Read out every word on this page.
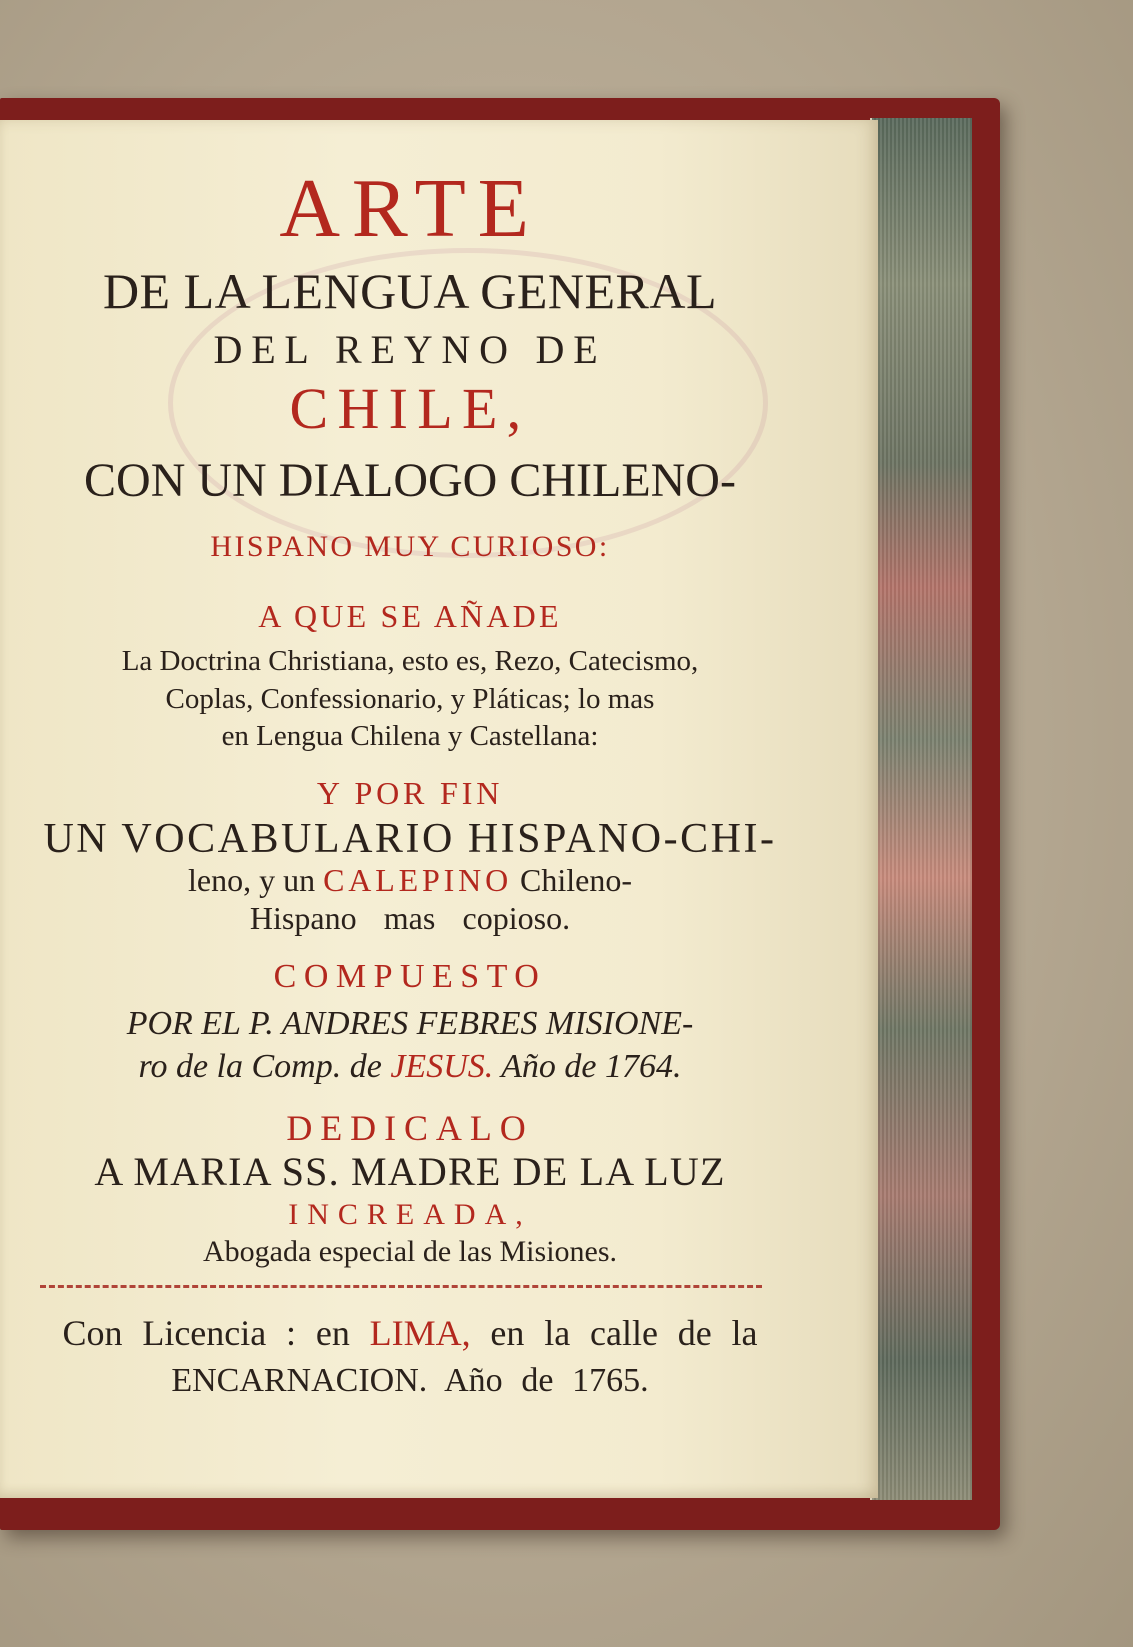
ARTE
DE LA LENGUA GENERAL
DEL REYNO DE
CHILE,
CON UN DIALOGO CHILENO-
HISPANO MUY CURIOSO:
A QUE SE AÑADE
La Doctrina Christiana, esto es, Rezo, Catecismo,
Coplas, Confessionario, y Pláticas; lo mas
en Lengua Chilena y Castellana:
Y POR FIN
UN VOCABULARIO HISPANO-CHI-
leno, y un CALEPINO Chileno-
Hispano mas copioso.
COMPUESTO
POR EL P. ANDRES FEBRES MISIONE-
ro de la Comp. de JESUS. Año de 1764.
DEDICALO
A MARIA SS. MADRE DE LA LUZ
INCREADA,
Abogada especial de las Misiones.
Con Licencia : en LIMA, en la calle de la
ENCARNACION. Año de 1765.
